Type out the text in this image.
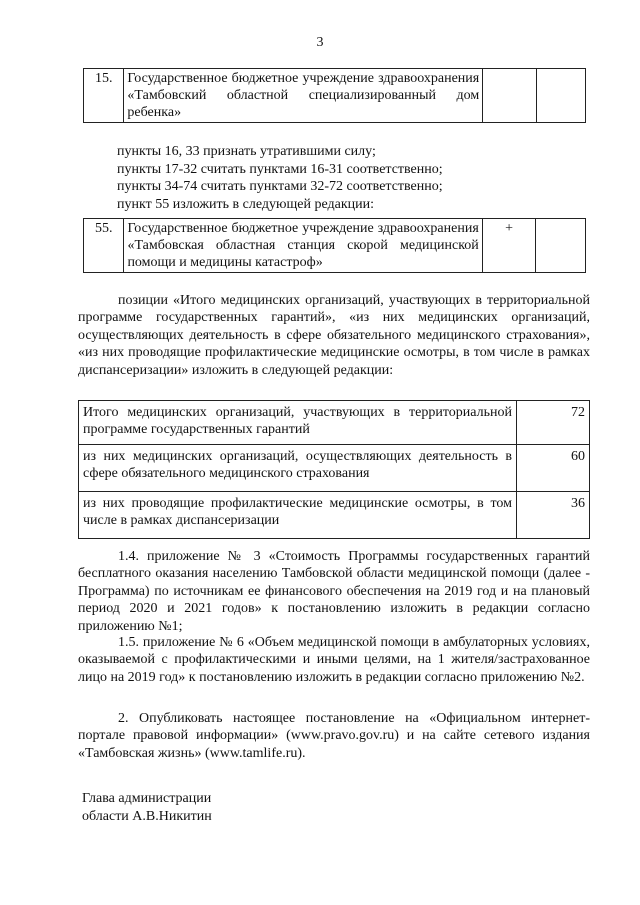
3
15.	Государственное бюджетное учреждение здравоохранения «Тамбовский областной специализированный дом ребенка»		
пункты 16, 33 признать утратившими силу;
пункты 17-32 считать пунктами 16-31 соответственно;
пункты 34-74 считать пунктами 32-72 соответственно;
пункт 55 изложить в следующей редакции:
55.	Государственное бюджетное учреждение здравоохранения «Тамбовская областная станция скорой медицинской помощи и медицины катастроф»	+	

позиции «Итого медицинских организаций, участвующих в территориальной программе государственных гарантий», «из них медицинских организаций, осуществляющих деятельность в сфере обязательного медицинского страхования», «из них проводящие профилактические медицинские осмотры, в том числе в рамках диспансеризации» изложить в следующей редакции:

Итого медицинских организаций, участвующих в территориальной программе государственных гарантий	72
из них медицинских организаций, осуществляющих деятельность в сфере обязательного медицинского страхования	60
из них проводящие профилактические медицинские осмотры, в том числе в рамках диспансеризации	36

1.4. приложение № 3 «Стоимость Программы государственных гарантий бесплатного оказания населению Тамбовской области медицинской помощи (далее - Программа) по источникам ее финансового обеспечения на 2019 год и на плановый период 2020 и 2021 годов» к постановлению изложить в редакции согласно приложению №1;

1.5. приложение № 6 «Объем медицинской помощи в амбулаторных условиях, оказываемой с профилактическими и иными целями, на 1 жителя/застрахованное лицо на 2019 год» к постановлению изложить в редакции согласно приложению №2.

2. Опубликовать настоящее постановление на «Официальном интернет-портале правовой информации» (www.pravo.gov.ru) и на сайте сетевого издания «Тамбовская жизнь» (www.tamlife.ru).

Глава администрации
области А.В.Никитин
